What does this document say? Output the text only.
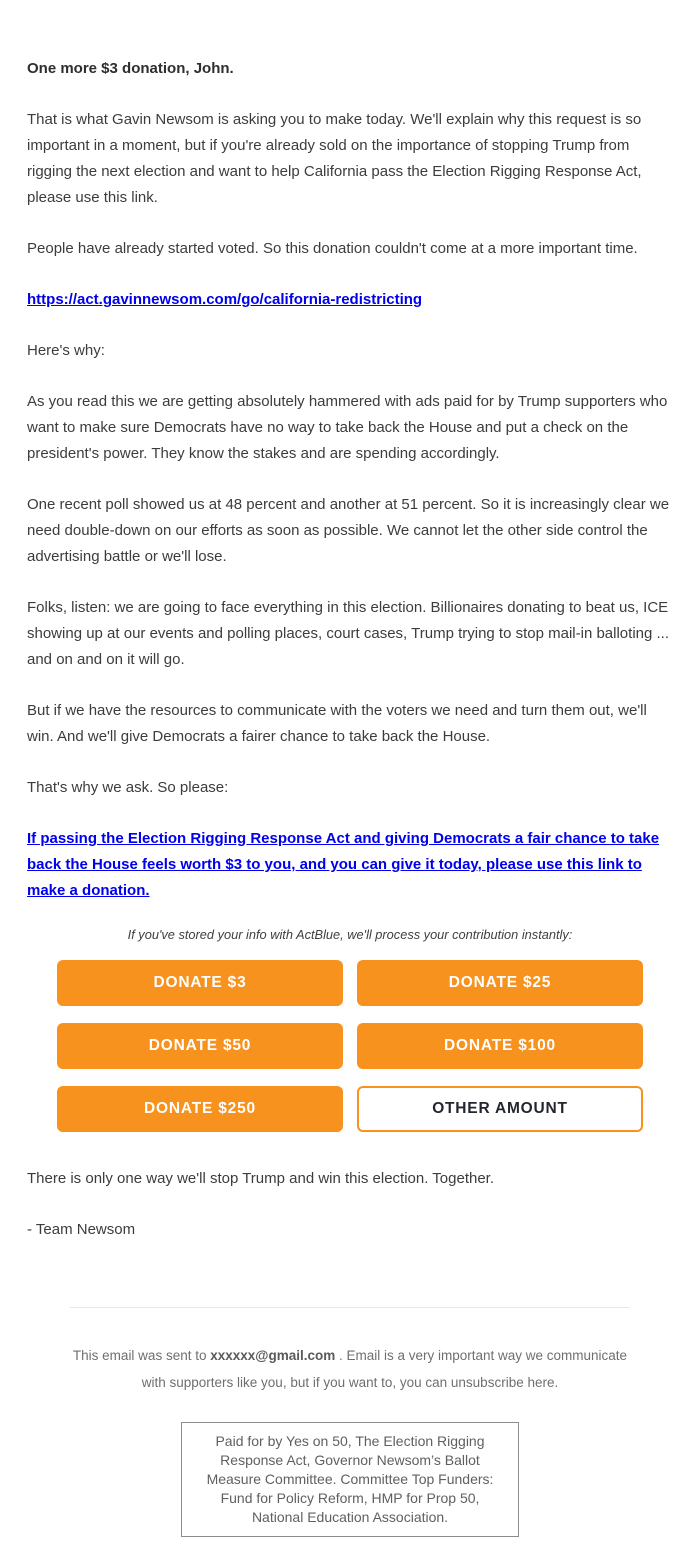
One more $3 donation, John.

That is what Gavin Newsom is asking you to make today. We'll explain why this request is so important in a moment, but if you're already sold on the importance of stopping Trump from rigging the next election and want to help California pass the Election Rigging Response Act, please use this link.

People have already started voted. So this donation couldn't come at a more important time.

https://act.gavinnewsom.com/go/california-redistricting

Here's why:

As you read this we are getting absolutely hammered with ads paid for by Trump supporters who want to make sure Democrats have no way to take back the House and put a check on the president's power. They know the stakes and are spending accordingly.

One recent poll showed us at 48 percent and another at 51 percent. So it is increasingly clear we need double-down on our efforts as soon as possible. We cannot let the other side control the advertising battle or we'll lose.

Folks, listen: we are going to face everything in this election. Billionaires donating to beat us, ICE showing up at our events and polling places, court cases, Trump trying to stop mail-in balloting ... and on and on it will go.

But if we have the resources to communicate with the voters we need and turn them out, we'll win. And we'll give Democrats a fairer chance to take back the House.

That's why we ask. So please:

If passing the Election Rigging Response Act and giving Democrats a fair chance to take back the House feels worth $3 to you, and you can give it today, please use this link to make a donation.

If you've stored your info with ActBlue, we'll process your contribution instantly:

DONATE $3	DONATE $25
DONATE $50	DONATE $100
DONATE $250	OTHER AMOUNT

There is only one way we'll stop Trump and win this election. Together.

- Team Newsom

This email was sent to xxxxxx@gmail.com . Email is a very important way we communicate with supporters like you, but if you want to, you can unsubscribe here.

Paid for by Yes on 50, The Election Rigging Response Act, Governor Newsom’s Ballot Measure Committee. Committee Top Funders: Fund for Policy Reform, HMP for Prop 50, National Education Association.
